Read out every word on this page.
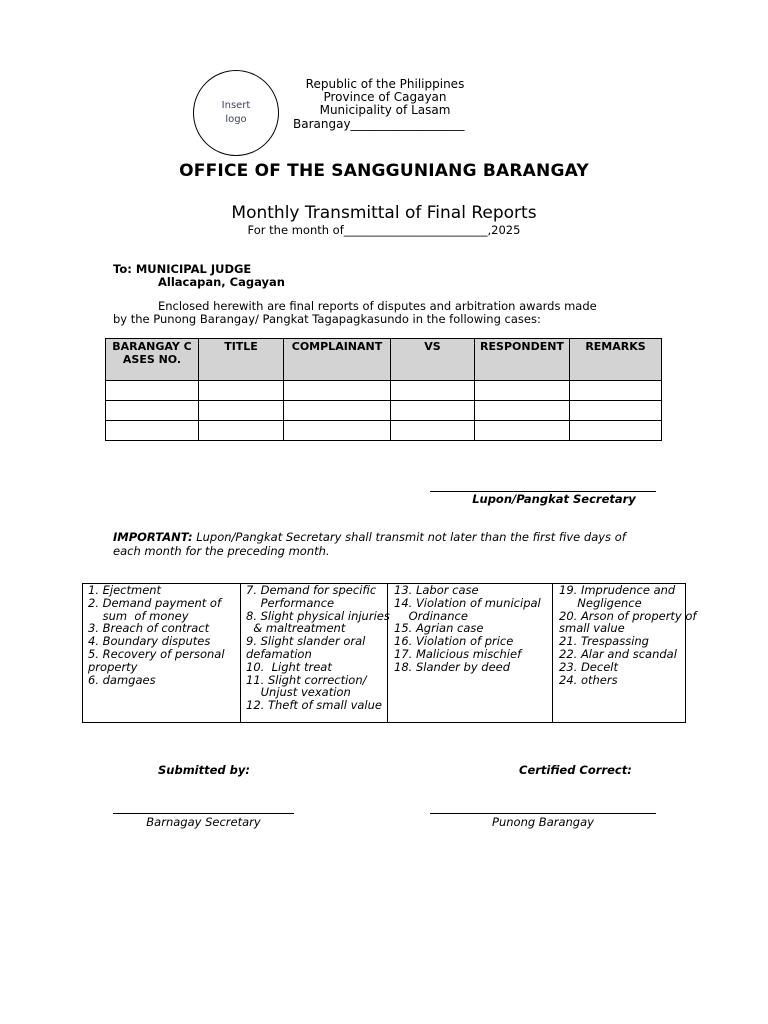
Insert
logo
Republic of the Philippines
Province of Cagayan
Municipality of Lasam
Barangay___________________
OFFICE OF THE SANGGUNIANG BARANGAY
Monthly Transmittal of Final Reports
For the month of_________________________,2025
To: MUNICIPAL JUDGE
Allacapan, Cagayan
Enclosed herewith are final reports of disputes and arbitration awards made
by the Punong Barangay/ Pangkat Tagapagkasundo in the following cases:
BARANGAY CASES NO.	TITLE	COMPLAINANT	VS	RESPONDENT	REMARKS

Lupon/Pangkat Secretary
IMPORTANT: Lupon/Pangkat Secretary shall transmit not later than the first five days of
each month for the preceding month.
1. Ejectment
2. Demand payment of
sum  of money
3. Breach of contract
4. Boundary disputes
5. Recovery of personal
property
6. damgaes
7. Demand for specific
Performance
8. Slight physical injuries
& maltreatment
9. Slight slander oral
defamation
10.  Light treat
11. Slight correction/
Unjust vexation
12. Theft of small value
13. Labor case
14. Violation of municipal
Ordinance
15. Agrian case
16. Violation of price
17. Malicious mischief
18. Slander by deed
19. Imprudence and
Negligence
20. Arson of property of
small value
21. Trespassing
22. Alar and scandal
23. Decelt
24. others
Submitted by:	Certified Correct:
Barnagay Secretary	Punong Barangay
